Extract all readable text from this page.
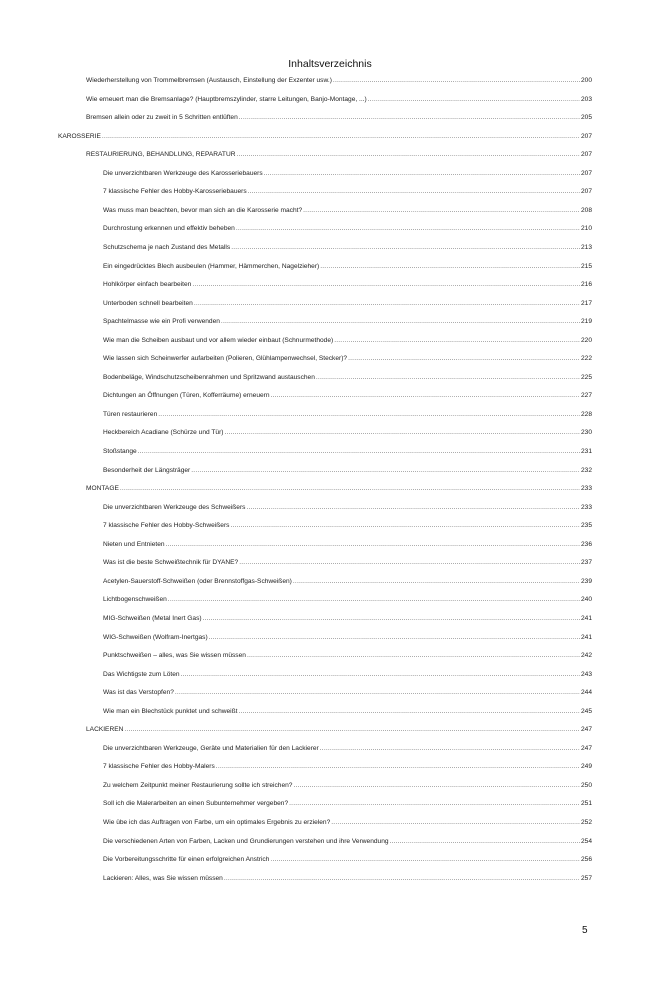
Inhaltsverzeichnis
Wiederherstellung von Trommelbremsen (Austausch, Einstellung der Exzenter usw.) .....	200
Wie erneuert man die Bremsanlage? (Hauptbremszylinder, starre Leitungen, Banjo-Montage, ...) .....	203
Bremsen allein oder zu zweit in 5 Schritten entlüften .....	205
KAROSSERIE .....	207
RESTAURIERUNG, BEHANDLUNG, REPARATUR .....	207
Die unverzichtbaren Werkzeuge des Karosseriebauers .....	207
7 klassische Fehler des Hobby-Karosseriebauers .....	207
Was muss man beachten, bevor man sich an die Karosserie macht? .....	208
Durchrostung erkennen und effektiv beheben .....	210
Schutzschema je nach Zustand des Metalls .....	213
Ein eingedrücktes Blech ausbeulen (Hammer, Hämmerchen, Nagelzieher) .....	215
Hohlkörper einfach bearbeiten .....	216
Unterboden schnell bearbeiten .....	217
Spachtelmasse wie ein Profi verwenden .....	219
Wie man die Scheiben ausbaut und vor allem wieder einbaut (Schnurmethode) .....	220
Wie lassen sich Scheinwerfer aufarbeiten (Polieren, Glühlampenwechsel, Stecker)? .....	222
Bodenbeläge, Windschutzscheibenrahmen und Spritzwand austauschen .....	225
Dichtungen an Öffnungen (Türen, Kofferräume) erneuern .....	227
Türen restaurieren .....	228
Heckbereich Acadiane (Schürze und Tür) .....	230
Stoßstange .....	231
Besonderheit der Längsträger .....	232
MONTAGE .....	233
Die unverzichtbaren Werkzeuge des Schweißers .....	233
7 klassische Fehler des Hobby-Schweißers .....	235
Nieten und Entnieten .....	236
Was ist die beste Schweißtechnik für DYANE? .....	237
Acetylen-Sauerstoff-Schweißen (oder Brennstoffgas-Schweißen) .....	239
Lichtbogenschweißen .....	240
MIG-Schweißen (Metal Inert Gas) .....	241
WIG-Schweißen (Wolfram-Inertgas) .....	241
Punktschweißen – alles, was Sie wissen müssen .....	242
Das Wichtigste zum Löten .....	243
Was ist das Verstopfen? .....	244
Wie man ein Blechstück punktet und schweißt .....	245
LACKIEREN .....	247
Die unverzichtbaren Werkzeuge, Geräte und Materialien für den Lackierer .....	247
7 klassische Fehler des Hobby-Malers .....	249
Zu welchem Zeitpunkt meiner Restaurierung sollte ich streichen? .....	250
Soll ich die Malerarbeiten an einen Subunternehmer vergeben? .....	251
Wie übe ich das Auftragen von Farbe, um ein optimales Ergebnis zu erzielen? .....	252
Die verschiedenen Arten von Farben, Lacken und Grundierungen verstehen und ihre Verwendung .....	254
Die Vorbereitungsschritte für einen erfolgreichen Anstrich .....	256
Lackieren: Alles, was Sie wissen müssen .....	257
5
